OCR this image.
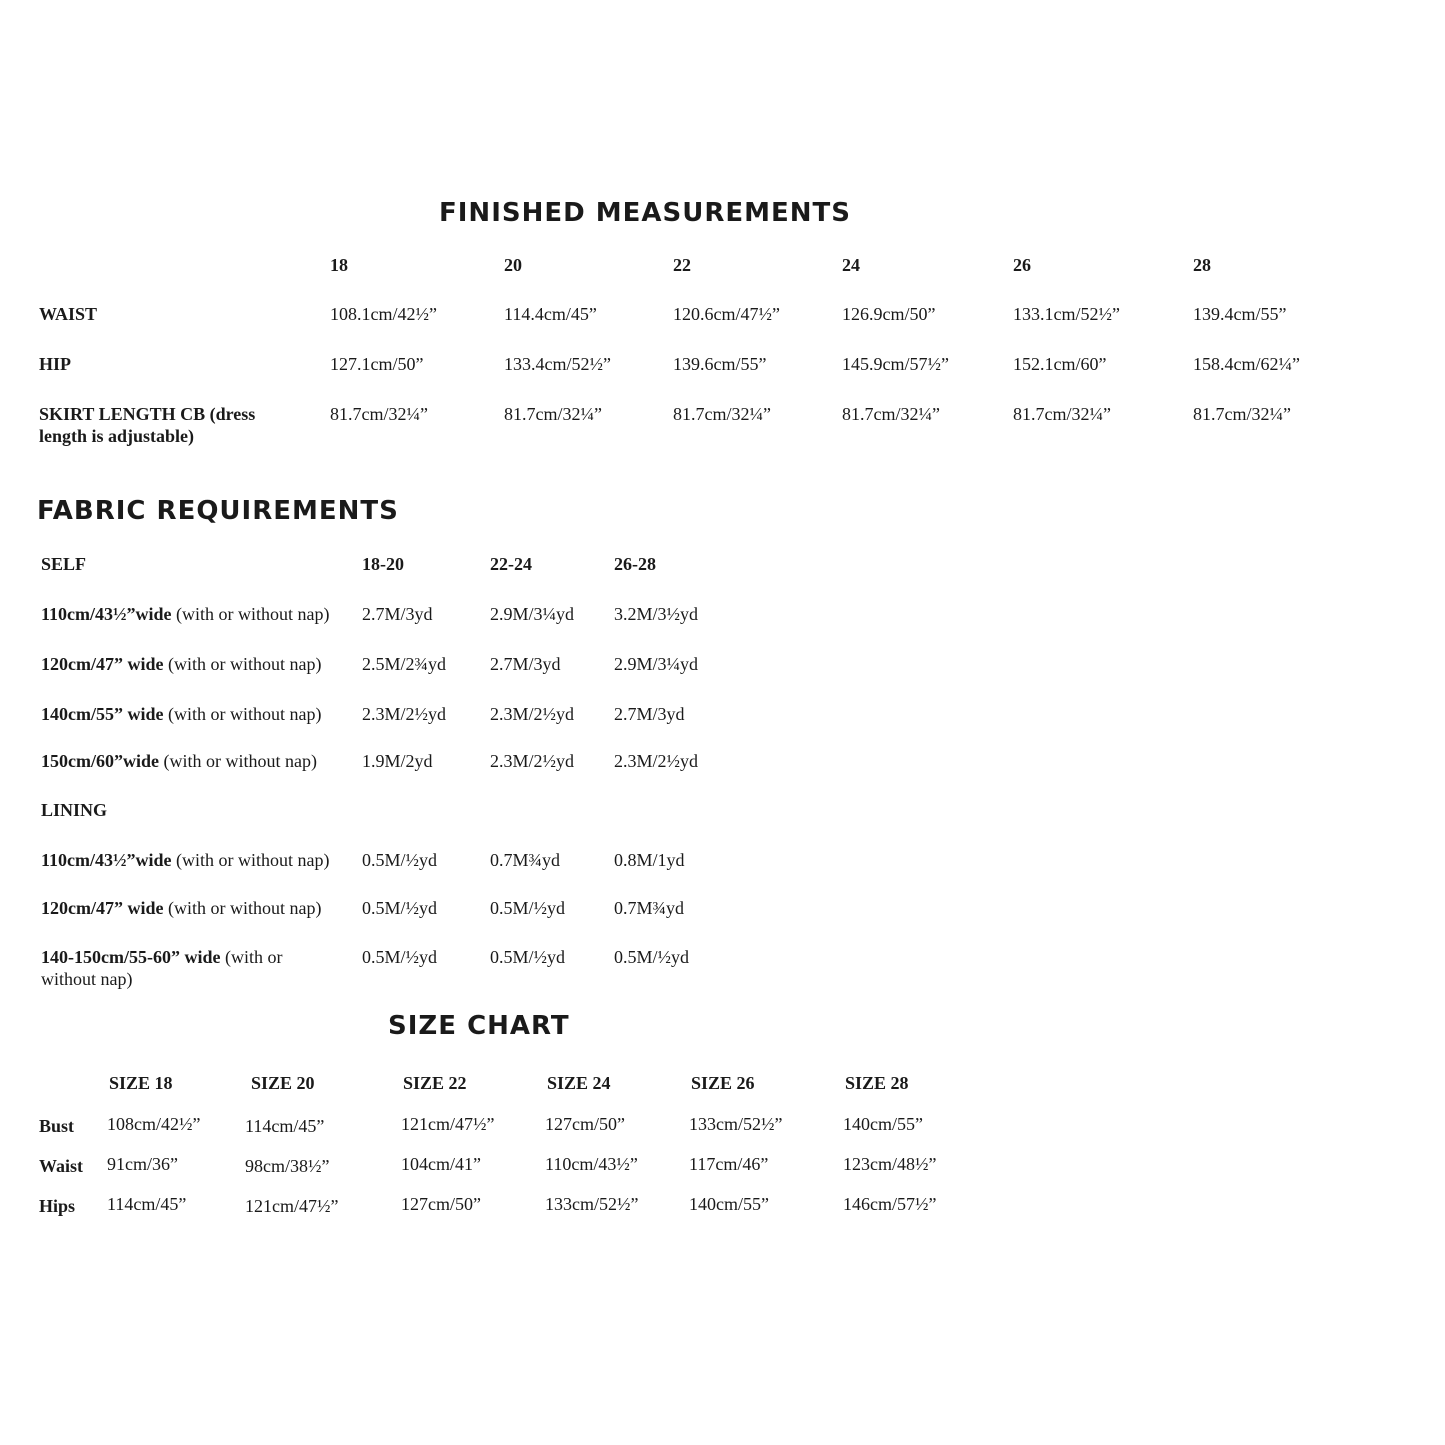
FINISHED MEASUREMENTS
18	20	22	24	26	28
WAIST	108.1cm/42½”	114.4cm/45”	120.6cm/47½”	126.9cm/50”	133.1cm/52½”	139.4cm/55”
HIP	127.1cm/50”	133.4cm/52½”	139.6cm/55”	145.9cm/57½”	152.1cm/60”	158.4cm/62¼”
SKIRT LENGTH CB (dress length is adjustable)
81.7cm/32¼”	81.7cm/32¼”	81.7cm/32¼”	81.7cm/32¼”	81.7cm/32¼”	81.7cm/32¼”
FABRIC REQUIREMENTS
SELF	18-20	22-24	26-28
110cm/43½”wide (with or without nap) 2.7M/3yd	2.9M/3¼yd 3.2M/3½yd
120cm/47” wide (with or without nap) 2.5M/2¾yd 2.7M/3yd	2.9M/3¼yd
140cm/55” wide (with or without nap) 2.3M/2½yd 2.3M/2½yd 2.7M/3yd
150cm/60”wide (with or without nap)	1.9M/2yd	2.3M/2½yd 2.3M/2½yd
LINING
110cm/43½”wide (with or without nap) 0.5M/½yd	0.7M¾yd	0.8M/1yd
120cm/47” wide (with or without nap) 0.5M/½yd	0.5M/½yd	0.7M¾yd
140-150cm/55-60” wide (with or without nap)
0.5M/½yd	0.5M/½yd	0.5M/½yd
SIZE CHART
SIZE 18	SIZE 20	SIZE 22	SIZE 24	SIZE 26	SIZE 28
Bust 108cm/42½” 114cm/45”	121cm/47½”	127cm/50”	133cm/52½”	140cm/55”
Waist 91cm/36”	98cm/38½”	104cm/41”	110cm/43½”	117cm/46”	123cm/48½”
Hips 114cm/45”	121cm/47½”	127cm/50”	133cm/52½”	140cm/55”	146cm/57½”
